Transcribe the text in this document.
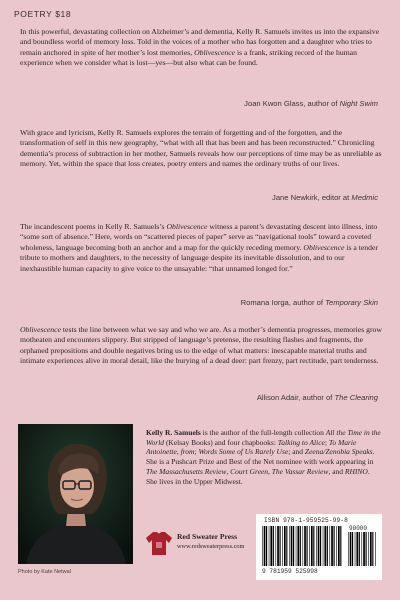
POETRY $18

In this powerful, devastating collection on Alzheimer’s and dementia, Kelly R. Samuels invites us into the expansive and boundless world of memory loss. Told in the voices of a mother who has forgotten and a daughter who tries to remain anchored in spite of her mother’s lost memories, Oblivescence is a frank, striking record of the human experience when we consider what is lost—yes—but also what can be found.

Joan Kwon Glass, author of Night Swim

With grace and lyricism, Kelly R. Samuels explores the terrain of forgetting and of the forgotten, and the transformation of self in this new geography, “what with all that has been and has been reconstructed.” Chronicling dementia’s process of subtraction in her mother, Samuels reveals how our perceptions of time may be as unreliable as memory. Yet, within the space that loss creates, poetry enters and names the ordinary truths of our lives.

Jane Newkirk, editor at Medmic

The incandescent poems in Kelly R. Samuels’s Oblivescence witness a parent’s devastating descent into illness, into “some sort of absence.” Here, words on “scattered pieces of paper” serve as “navigational tools” toward a coveted wholeness, language becoming both an anchor and a map for the quickly receding memory. Oblivescence is a tender tribute to mothers and daughters, to the necessity of language despite its inevitable dissolution, and to our inexhaustible human capacity to give voice to the unsayable: “that unnamed longed for.”

Romana Iorga, author of Temporary Skin

Oblivescence tests the line between what we say and who we are. As a mother’s dementia progresses, memories grow motheaten and encounters slippery. But stripped of language’s pretense, the resulting flashes and fragments, the orphaned prepositions and double negatives bring us to the edge of what matters: inescapable material truths and intimate experiences alive in moral detail, like the burying of a dead deer: part frenzy, part rectitude, part tenderness.

Allison Adair, author of The Clearing
Photo by Kate Netwal

Kelly R. Samuels is the author of the full-length collection All the Time in the World (Kelsay Books) and four chapbooks: Talking to Alice; To Marie Antoinette, from; Words Some of Us Rarely Use; and Zeena/Zenobia Speaks. She is a Pushcart Prize and Best of the Net nominee with work appearing in The Massachusetts Review, Court Green, The Vassar Review, and RHINO. She lives in the Upper Midwest.

Red Sweater Press
www.redsweaterpress.com
ISBN 978-1-959525-99-8
90000
9 781959 525998
